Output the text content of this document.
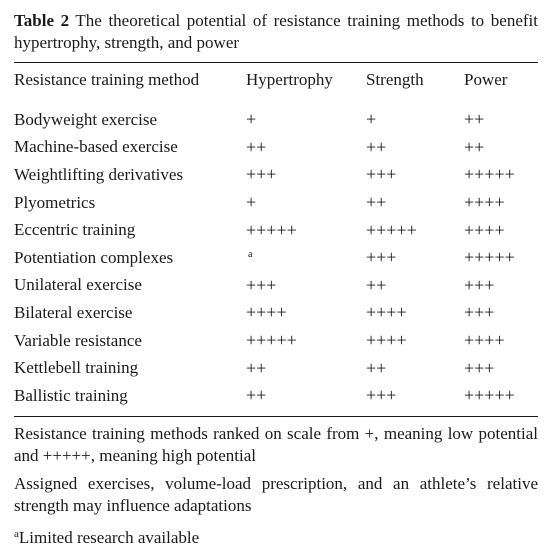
Table 2 The theoretical potential of resistance training methods to benefit hypertrophy, strength, and power

Resistance training method	Hypertrophy	Strength	Power
Bodyweight exercise	+	+	++
Machine-based exercise	++	++	++
Weightlifting derivatives	+++	+++	+++++
Plyometrics	+	++	++++
Eccentric training	+++++	+++++	++++
Potentiation complexes	$^a$	+++	+++++
Unilateral exercise	+++	++	+++
Bilateral exercise	++++	++++	+++
Variable resistance	+++++	++++	++++
Kettlebell training	++	++	+++
Ballistic training	++	+++	+++++

Resistance training methods ranked on scale from +, meaning low potential and +++++, meaning high potential

Assigned exercises, volume-load prescription, and an athlete’s relative strength may influence adaptations

$^a$Limited research available
